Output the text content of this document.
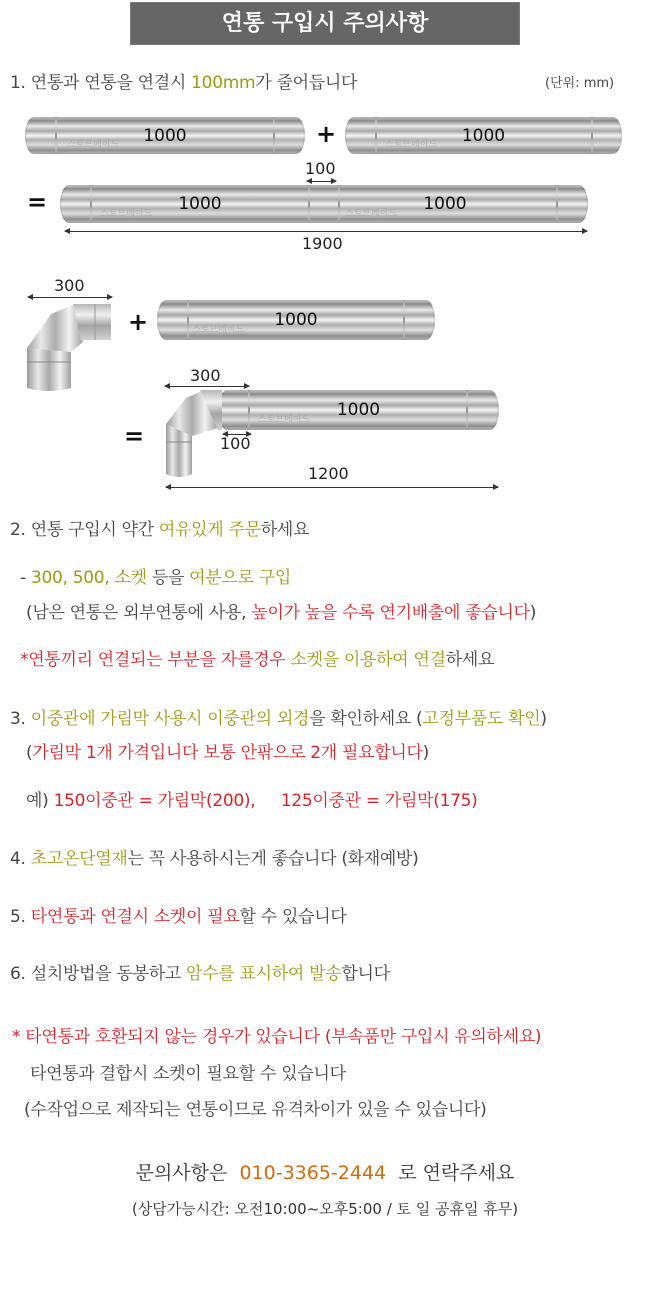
연통 구입시 주의사항
1. 연통과 연통을 연결시 100mm가 줄어듭니다	(단위: mm)
스토브메이드	1000	+	스토브메이드	1000
100
=	스토브메이드	스토브메이드
1000	1000
1900
300
+	스토브메이드	1000
300
=
스토브메이드	1000
100
1200
2. 연통 구입시 약간 여유있게 주문하세요
- 300, 500, 소켓 등을 여분으로 구입
(남은 연통은 외부연통에 사용, 높이가 높을 수록 연기배출에 좋습니다)
*연통끼리 연결되는 부분을 자를경우 소켓을 이용하여 연결하세요
3. 이중관에 가림막 사용시 이중관의 외경을 확인하세요 (고정부품도 확인)
(가림막 1개 가격입니다 보통 안팎으로 2개 필요합니다)
예) 150이중관 = 가림막(200), 125이중관 = 가림막(175)
4. 초고온단열재는 꼭 사용하시는게 좋습니다 (화재예방)
5. 타연통과 연결시 소켓이 필요할 수 있습니다
6. 설치방법을 동봉하고 암수를 표시하여 발송합니다
* 타연통과 호환되지 않는 경우가 있습니다 (부속품만 구입시 유의하세요)
타연통과 결합시 소켓이 필요할 수 있습니다
(수작업으로 제작되는 연통이므로 유격차이가 있을 수 있습니다)
문의사항은  010-3365-2444  로 연락주세요
(상담가능시간: 오전10:00~오후5:00 / 토 일 공휴일 휴무)
